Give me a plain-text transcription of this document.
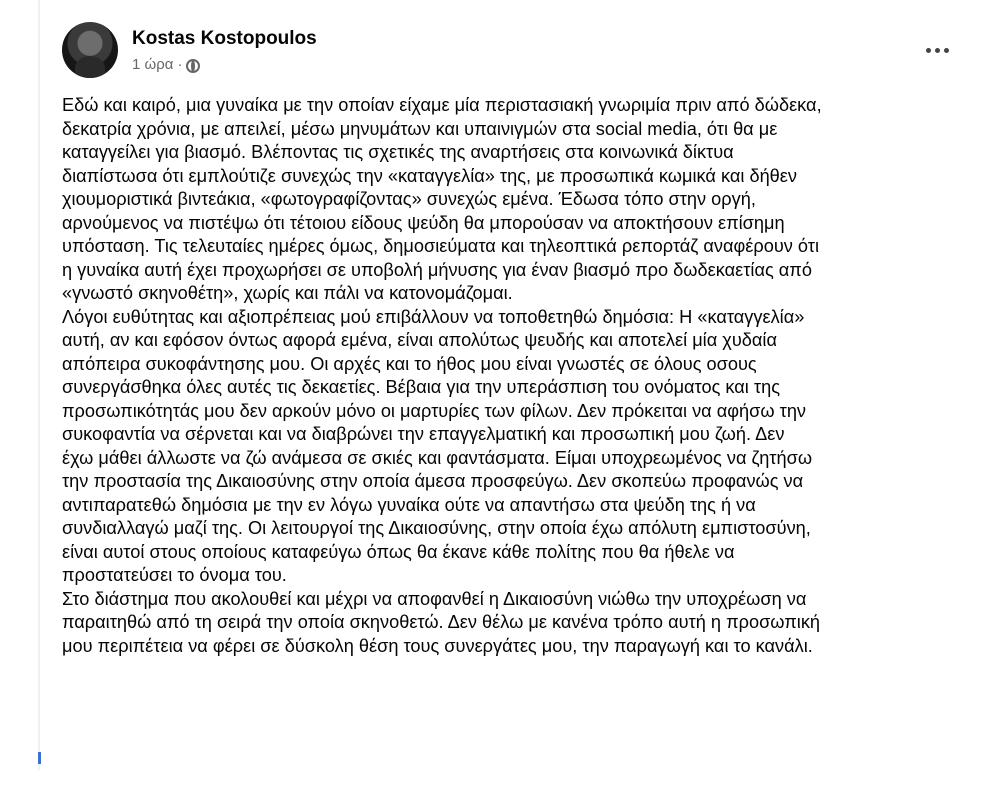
Kostas Kostopoulos
1 ώρα ·

Εδώ και καιρό, μια γυναίκα με την οποίαν είχαμε μία περιστασιακή γνωριμία πριν από δώδεκα,
δεκατρία χρόνια, με απειλεί, μέσω μηνυμάτων και υπαινιγμών στα social media, ότι θα με
καταγγείλει για βιασμό. Βλέποντας τις σχετικές της αναρτήσεις στα κοινωνικά δίκτυα
διαπίστωσα ότι εμπλούτιζε συνεχώς την «καταγγελία» της, με προσωπικά κωμικά και δήθεν
χιουμοριστικά βιντεάκια, «φωτογραφίζοντας» συνεχώς εμένα. Έδωσα τόπο στην οργή,
αρνούμενος να πιστέψω ότι τέτοιου είδους ψεύδη θα μπορούσαν να αποκτήσουν επίσημη
υπόσταση. Τις τελευταίες ημέρες όμως, δημοσιεύματα και τηλεοπτικά ρεπορτάζ αναφέρουν ότι
η γυναίκα αυτή έχει προχωρήσει σε υποβολή μήνυσης για έναν βιασμό προ δωδεκαετίας από
«γνωστό σκηνοθέτη», χωρίς και πάλι να κατονομάζομαι.

Λόγοι ευθύτητας και αξιοπρέπειας μού επιβάλλουν να τοποθετηθώ δημόσια: Η «καταγγελία»
αυτή, αν και εφόσον όντως αφορά εμένα, είναι απολύτως ψευδής και αποτελεί μία χυδαία
απόπειρα συκοφάντησης μου. Οι αρχές και το ήθος μου είναι γνωστές σε όλους οσους
συνεργάσθηκα όλες αυτές τις δεκαετίες. Βέβαια για την υπεράσπιση του ονόματος και της
προσωπικότητάς μου δεν αρκούν μόνο οι μαρτυρίες των φίλων. Δεν πρόκειται να αφήσω την
συκοφαντία να σέρνεται και να διαβρώνει την επαγγελματική και προσωπική μου ζωή. Δεν
έχω μάθει άλλωστε να ζώ ανάμεσα σε σκιές και φαντάσματα. Είμαι υποχρεωμένος να ζητήσω
την προστασία της Δικαιοσύνης στην οποία άμεσα προσφεύγω. Δεν σκοπεύω προφανώς να
αντιπαρατεθώ δημόσια με την εν λόγω γυναίκα ούτε να απαντήσω στα ψεύδη της ή να
συνδιαλλαγώ μαζί της. Οι λειτουργοί της Δικαιοσύνης, στην οποία έχω απόλυτη εμπιστοσύνη,
είναι αυτοί στους οποίους καταφεύγω όπως θα έκανε κάθε πολίτης που θα ήθελε να
προστατεύσει το όνομα του.

Στο διάστημα που ακολουθεί και μέχρι να αποφανθεί η Δικαιοσύνη νιώθω την υποχρέωση να
παραιτηθώ από τη σειρά την οποία σκηνοθετώ. Δεν θέλω με κανένα τρόπο αυτή η προσωπική
μου περιπέτεια να φέρει σε δύσκολη θέση τους συνεργάτες μου, την παραγωγή και το κανάλι.
